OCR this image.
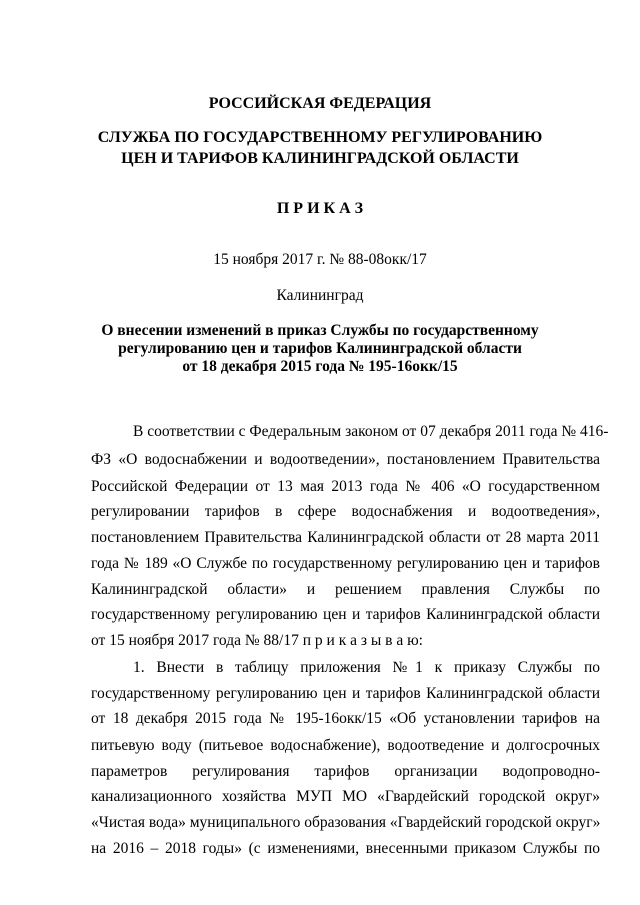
РОССИЙСКАЯ ФЕДЕРАЦИЯ
СЛУЖБА ПО ГОСУДАРСТВЕННОМУ РЕГУЛИРОВАНИЮ
ЦЕН И ТАРИФОВ КАЛИНИНГРАДСКОЙ ОБЛАСТИ
П Р И К А З
15 ноября 2017 г. № 88-08окк/17
Калининград
О внесении изменений в приказ Службы по государственному
регулированию цен и тарифов Калининградской области
от 18 декабря 2015 года № 195-16окк/15
В соответствии с Федеральным законом от 07 декабря 2011 года № 416-
ФЗ «О водоснабжении и водоотведении», постановлением Правительства
Российской Федерации от 13 мая 2013 года № 406 «О государственном
регулировании тарифов в сфере водоснабжения и водоотведения»,
постановлением Правительства Калининградской области от 28 марта 2011
года № 189 «О Службе по государственному регулированию цен и тарифов
Калининградской области» и решением правления Службы по
государственному регулированию цен и тарифов Калининградской области
от 15 ноября 2017 года № 88/17 п р и к а з ы в а ю:
1. Внести в таблицу приложения №1 к приказу Службы по
государственному регулированию цен и тарифов Калининградской области
от 18 декабря 2015 года № 195-16окк/15 «Об установлении тарифов на
питьевую воду (питьевое водоснабжение), водоотведение и долгосрочных
параметров регулирования тарифов организации водопроводно-
канализационного хозяйства МУП МО «Гвардейский городской округ»
«Чистая вода» муниципального образования «Гвардейский городской округ»
на 2016 – 2018 годы» (с изменениями, внесенными приказом Службы по
